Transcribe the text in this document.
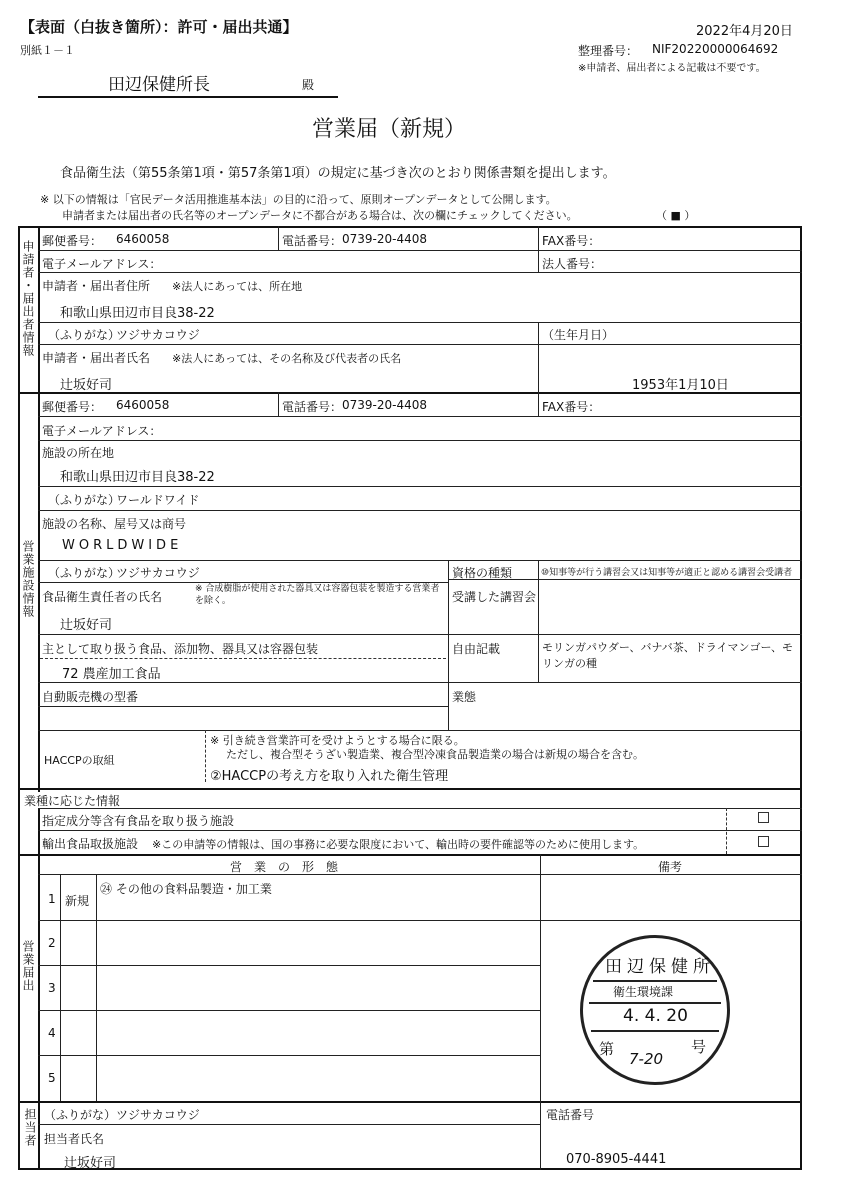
【表面（白抜き箇所）：許可・届出共通】
別紙１－１
2022年4月20日
整理番号： NIF20220000064692
※申請者、届出者による記載は不要です。
田辺保健所長	殿
営業届（新規）
食品衛生法（第55条第1項・第57条第1項）の規定に基づき次のとおり関係書類を提出します。
※ 以下の情報は「官民データ活用推進基本法」の目的に沿って、原則オープンデータとして公開します。
申請者または届出者の氏名等のオープンデータに不都合がある場合は、次の欄にチェックしてください。	（ ■ ）
申請者・届出者情報 郵便番号： 6460058	電話番号： 0739-20-4408	FAX番号：
電子メールアドレス：	法人番号：
申請者・届出者住所 ※法人にあっては、所在地
和歌山県田辺市目良38-22
（ふりがな）
ツジサカコウジ	（生年月日）
申請者・届出者氏名 ※法人にあっては、その名称及び代表者の氏名
辻坂好司	1953年1月10日
営業施設情報
郵便番号： 6460058	電話番号： 0739-20-4408	FAX番号：
電子メールアドレス：
施設の所在地
和歌山県田辺市目良38-22
（ふりがな）
ワールドワイド
施設の名称、屋号又は商号
WORLDWIDE
（ふりがな）
ツジサカコウジ	資格の種類	⑩知事等が行う講習会又は知事等が適正と認める講習会受講者
食品衛生責任者の氏名
※ 合成樹脂が使用された器具又は容器包装を製造する営業者を除く。	受講した講習会
辻坂好司
主として取り扱う食品、添加物、器具又は容器包装	自由記載	モリンガパウダー、バナバ茶、ドライマンゴー、モリンガの種
72 農産加工食品
自動販売機の型番	業態
HACCPの取組
※ 引き続き営業許可を受けようとする場合に限る。
ただし、複合型そうざい製造業、複合型冷凍食品製造業の場合は新規の場合を含む。
②HACCPの考え方を取り入れた衛生管理
業種に応じた情報
指定成分等含有食品を取り扱う施設
輸出食品取扱施設 ※この申請等の情報は、国の事務に必要な限度において、輸出時の要件確認等のために使用します。
営業届出
営　業　の　形　態	備考
1 新規
㉔ その他の食料品製造・加工業
2
3
4
5
田辺保健所
衛生環境課
4. 4. 20
第
7-20
号
担当者 （ふりがな） ツジサカコウジ	電話番号
担当者氏名
辻坂好司	070-8905-4441
